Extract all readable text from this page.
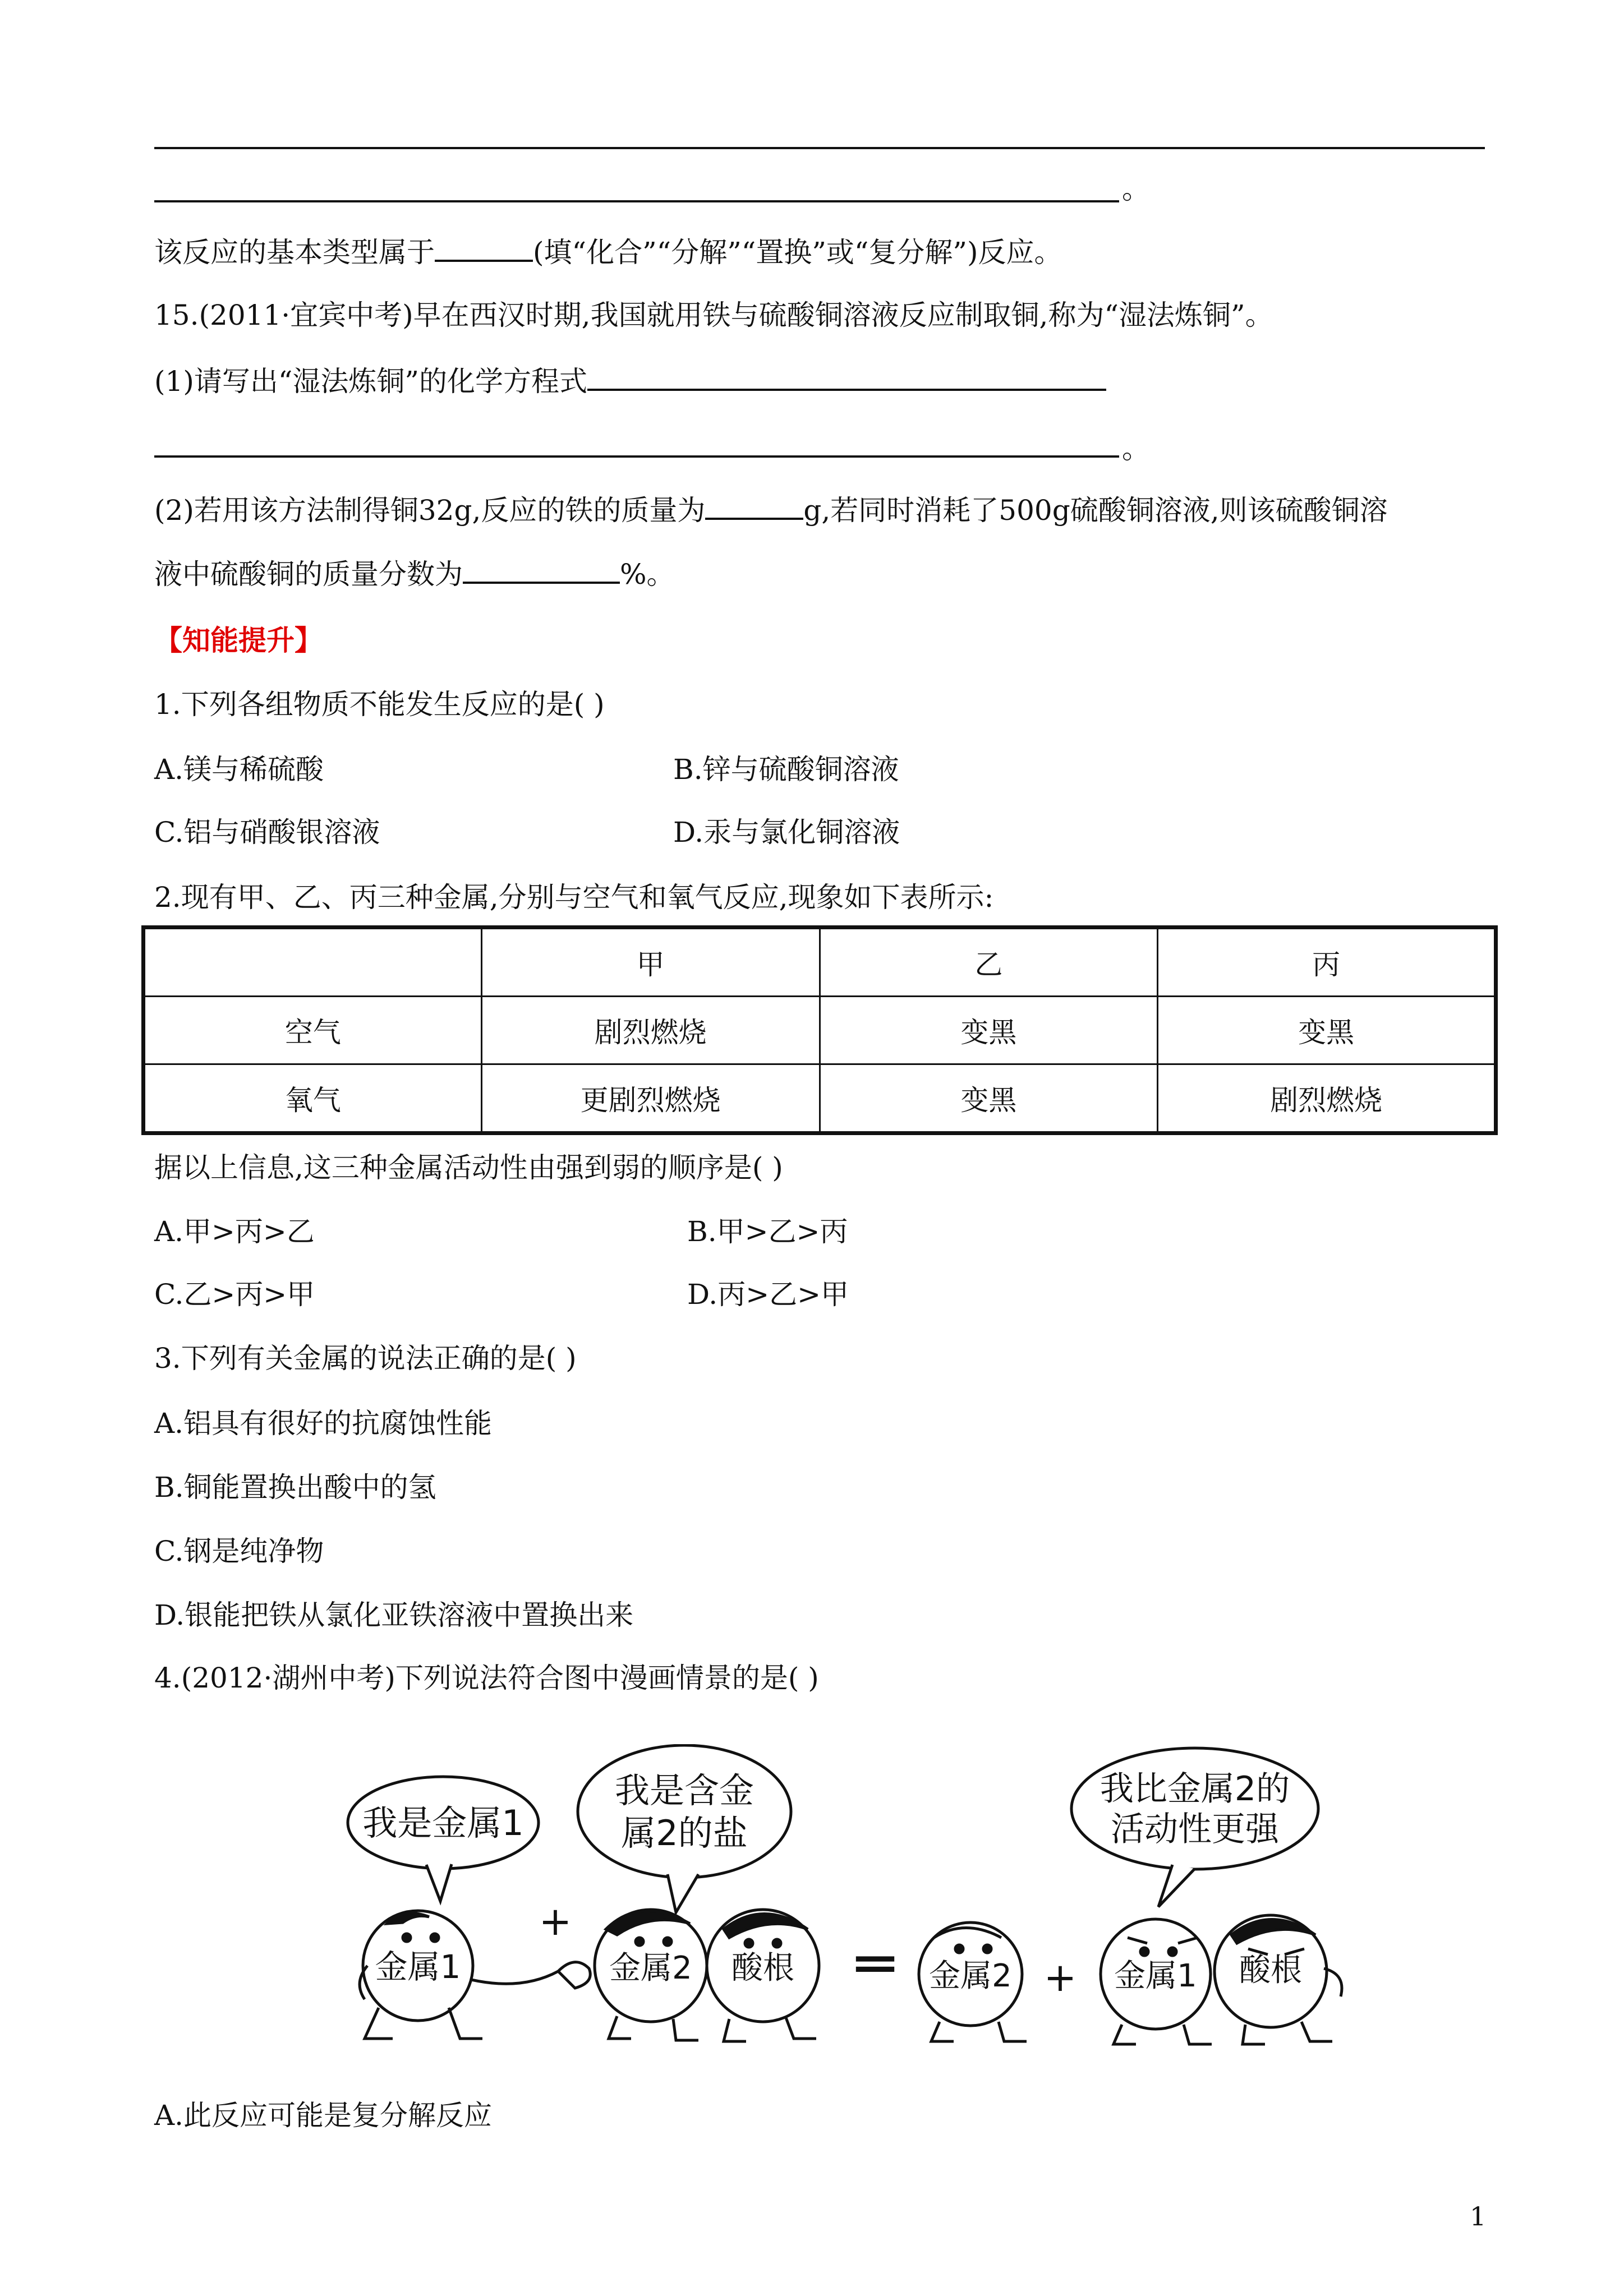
。
该反应的基本类型属于	(填“化合”“分解”“置换”或“复分解”)反应。
15.(2011·宜宾中考)早在西汉时期,我国就用铁与硫酸铜溶液反应制取铜,称为“湿法炼铜”。
(1)请写出“湿法炼铜”的化学方程式
。
(2)若用该方法制得铜32g,反应的铁的质量为	g,若同时消耗了500g硫酸铜溶液,则该硫酸铜溶
液中硫酸铜的质量分数为	%。
【知能提升】
1.下列各组物质不能发生反应的是( )
A.镁与稀硫酸	B.锌与硫酸铜溶液
C.铝与硝酸银溶液	D.汞与氯化铜溶液
2.现有甲、乙、丙三种金属,分别与空气和氧气反应,现象如下表所示:
	甲	乙	丙
空气	剧烈燃烧	变黑	变黑
氧气	更剧烈燃烧	变黑	剧烈燃烧
据以上信息,这三种金属活动性由强到弱的顺序是( )
A.甲>丙>乙	B.甲>乙>丙
C.乙>丙>甲	D.丙>乙>甲
3.下列有关金属的说法正确的是( )
A.铝具有很好的抗腐蚀性能
B.铜能置换出酸中的氢
C.钢是纯净物
D.银能把铁从氯化亚铁溶液中置换出来
4.(2012·湖州中考)下列说法符合图中漫画情景的是( )
我是金属1
我是含金
属2的盐
我比金属2的
活动性更强
金属1
+
金属2 酸根 ═ 金属2 + 金属1 酸根
A.此反应可能是复分解反应
1
